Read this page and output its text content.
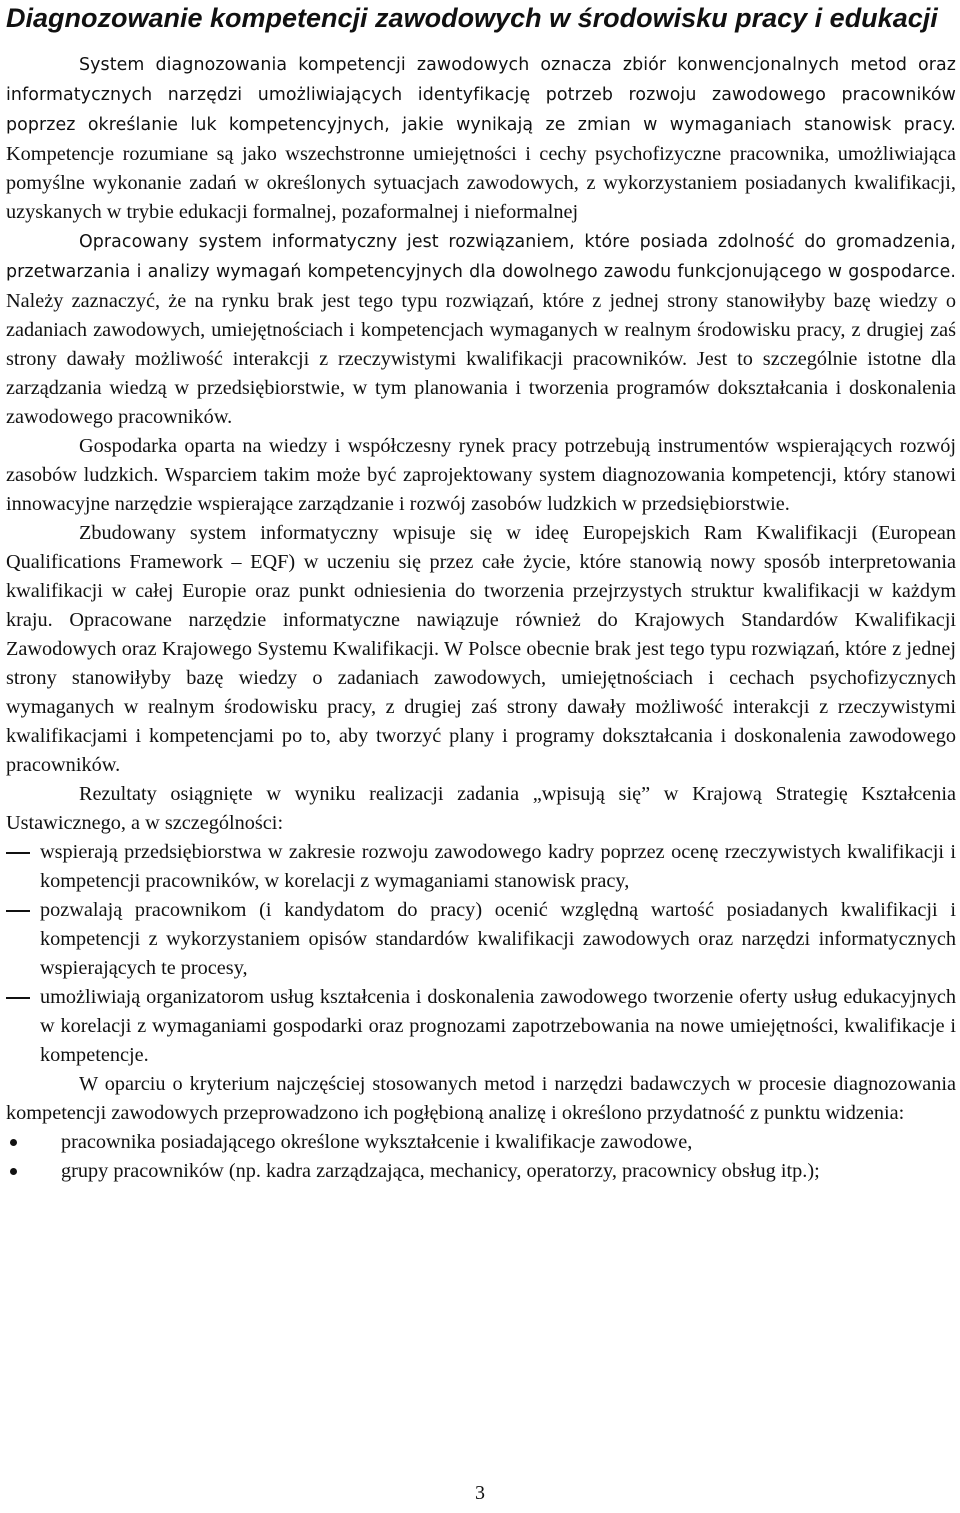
Diagnozowanie kompetencji zawodowych w środowisku pracy i edukacji

System diagnozowania kompetencji zawodowych oznacza zbiór konwencjonalnych metod oraz informatycznych narzędzi umożliwiających identyfikację potrzeb rozwoju zawodowego pracowników poprzez określanie luk kompetencyjnych, jakie wynikają ze zmian w wymaganiach stanowisk pracy. Kompetencje rozumiane są jako wszechstronne umiejętności i cechy psychofizyczne pracownika, umożliwiająca pomyślne wykonanie zadań w określonych sytuacjach zawodowych, z wykorzystaniem posiadanych kwalifikacji, uzyskanych w trybie edukacji formalnej, pozaformalnej i nieformalnej

Opracowany system informatyczny jest rozwiązaniem, które posiada zdolność do gromadzenia, przetwarzania i analizy wymagań kompetencyjnych dla dowolnego zawodu funkcjonującego w gospodarce. Należy zaznaczyć, że na rynku brak jest tego typu rozwiązań, które z jednej strony stanowiłyby bazę wiedzy o zadaniach zawodowych, umiejętnościach i kompetencjach wymaganych w realnym środowisku pracy, z drugiej zaś strony dawały możliwość interakcji z rzeczywistymi kwalifikacji pracowników. Jest to szczególnie istotne dla zarządzania wiedzą w przedsiębiorstwie, w tym planowania i tworzenia programów dokształcania i doskonalenia zawodowego pracowników.

Gospodarka oparta na wiedzy i współczesny rynek pracy potrzebują instrumentów wspierających rozwój zasobów ludzkich. Wsparciem takim może być zaprojektowany system diagnozowania kompetencji, który stanowi innowacyjne narzędzie wspierające zarządzanie i rozwój zasobów ludzkich w przedsiębiorstwie.

Zbudowany system informatyczny wpisuje się w ideę Europejskich Ram Kwalifikacji (European Qualifications Framework – EQF) w uczeniu się przez całe życie, które stanowią nowy sposób interpretowania kwalifikacji w całej Europie oraz punkt odniesienia do tworzenia przejrzystych struktur kwalifikacji w każdym kraju. Opracowane narzędzie informatyczne nawiązuje również do Krajowych Standardów Kwalifikacji Zawodowych oraz Krajowego Systemu Kwalifikacji. W Polsce obecnie brak jest tego typu rozwiązań, które z jednej strony stanowiłyby bazę wiedzy o zadaniach zawodowych, umiejętnościach i cechach psychofizycznych wymaganych w realnym środowisku pracy, z drugiej zaś strony dawały możliwość interakcji z rzeczywistymi kwalifikacjami i kompetencjami po to, aby tworzyć plany i programy dokształcania i doskonalenia zawodowego pracowników.

Rezultaty osiągnięte w wyniku realizacji zadania „wpisują się” w Krajową Strategię Kształcenia Ustawicznego, a w szczególności:

wspierają przedsiębiorstwa w zakresie rozwoju zawodowego kadry poprzez ocenę rzeczywistych kwalifikacji i kompetencji pracowników, w korelacji z wymaganiami stanowisk pracy,
pozwalają pracownikom (i kandydatom do pracy) ocenić względną wartość posiadanych kwalifikacji i kompetencji z wykorzystaniem opisów standardów kwalifikacji zawodowych oraz narzędzi informatycznych wspierających te procesy,
umożliwiają organizatorom usług kształcenia i doskonalenia zawodowego tworzenie oferty usług edukacyjnych w korelacji z wymaganiami gospodarki oraz prognozami zapotrzebowania na nowe umiejętności, kwalifikacje i kompetencje.

W oparciu o kryterium najczęściej stosowanych metod i narzędzi badawczych w procesie diagnozowania kompetencji zawodowych przeprowadzono ich pogłębioną analizę i określono przydatność z punktu widzenia:

pracownika posiadającego określone wykształcenie i kwalifikacje zawodowe,
grupy pracowników (np. kadra zarządzająca, mechanicy, operatorzy, pracownicy obsług itp.);
3
